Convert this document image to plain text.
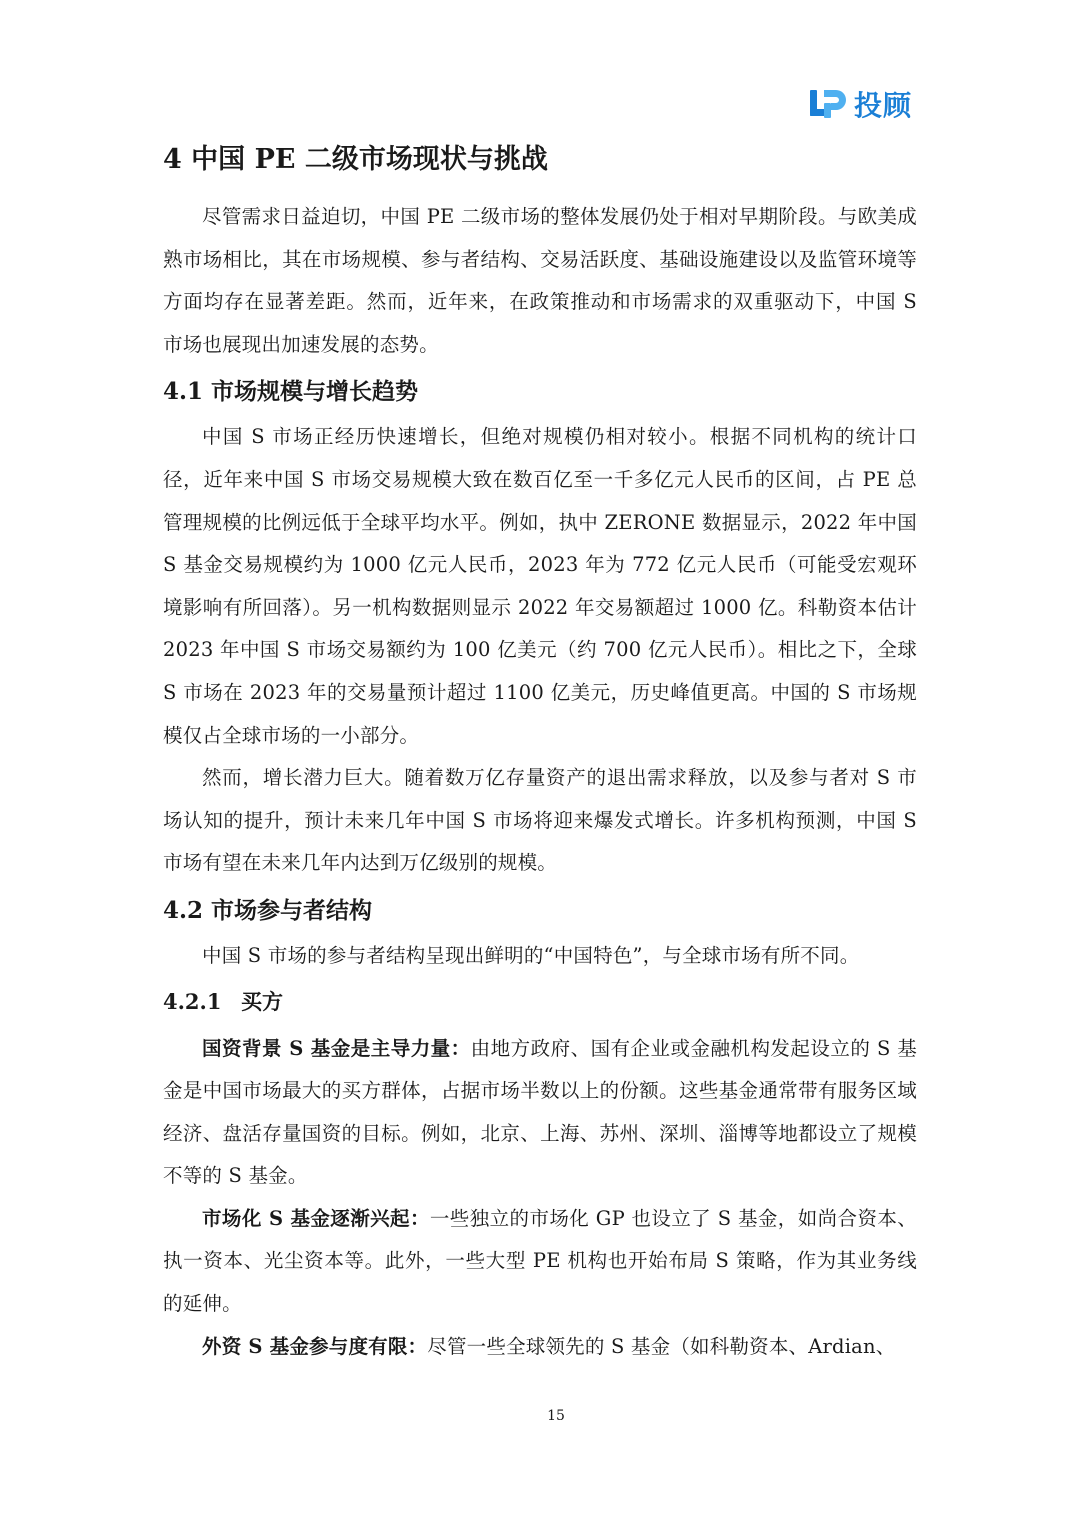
投顾
4 中国 PE 二级市场现状与挑战

尽管需求日益迫切，中国 PE 二级市场的整体发展仍处于相对早期阶段。与欧美成熟市场相比，其在市场规模、参与者结构、交易活跃度、基础设施建设以及监管环境等方面均存在显著差距。然而，近年来，在政策推动和市场需求的双重驱动下，中国 S 市场也展现出加速发展的态势。

4.1 市场规模与增长趋势

中国 S 市场正经历快速增长，但绝对规模仍相对较小。根据不同机构的统计口径，近年来中国 S 市场交易规模大致在数百亿至一千多亿元人民币的区间，占 PE 总管理规模的比例远低于全球平均水平。例如，执中 ZERONE 数据显示，2022 年中国 S 基金交易规模约为 1000 亿元人民币，2023 年为 772 亿元人民币（可能受宏观环境影响有所回落）。另一机构数据则显示 2022 年交易额超过 1000 亿。科勒资本估计 2023 年中国 S 市场交易额约为 100 亿美元（约 700 亿元人民币）。相比之下，全球 S 市场在 2023 年的交易量预计超过 1100 亿美元，历史峰值更高。中国的 S 市场规模仅占全球市场的一小部分。

然而，增长潜力巨大。随着数万亿存量资产的退出需求释放，以及参与者对 S 市场认知的提升，预计未来几年中国 S 市场将迎来爆发式增长。许多机构预测，中国 S 市场有望在未来几年内达到万亿级别的规模。

4.2 市场参与者结构

中国 S 市场的参与者结构呈现出鲜明的“中国特色”，与全球市场有所不同。

4.2.1 买方

国资背景 S 基金是主导力量：由地方政府、国有企业或金融机构发起设立的 S 基金是中国市场最大的买方群体，占据市场半数以上的份额。这些基金通常带有服务区域经济、盘活存量国资的目标。例如，北京、上海、苏州、深圳、淄博等地都设立了规模不等的 S 基金。

市场化 S 基金逐渐兴起：一些独立的市场化 GP 也设立了 S 基金，如尚合资本、执一资本、光尘资本等。此外，一些大型 PE 机构也开始布局 S 策略，作为其业务线的延伸。

外资 S 基金参与度有限：尽管一些全球领先的 S 基金（如科勒资本、Ardian、

15
